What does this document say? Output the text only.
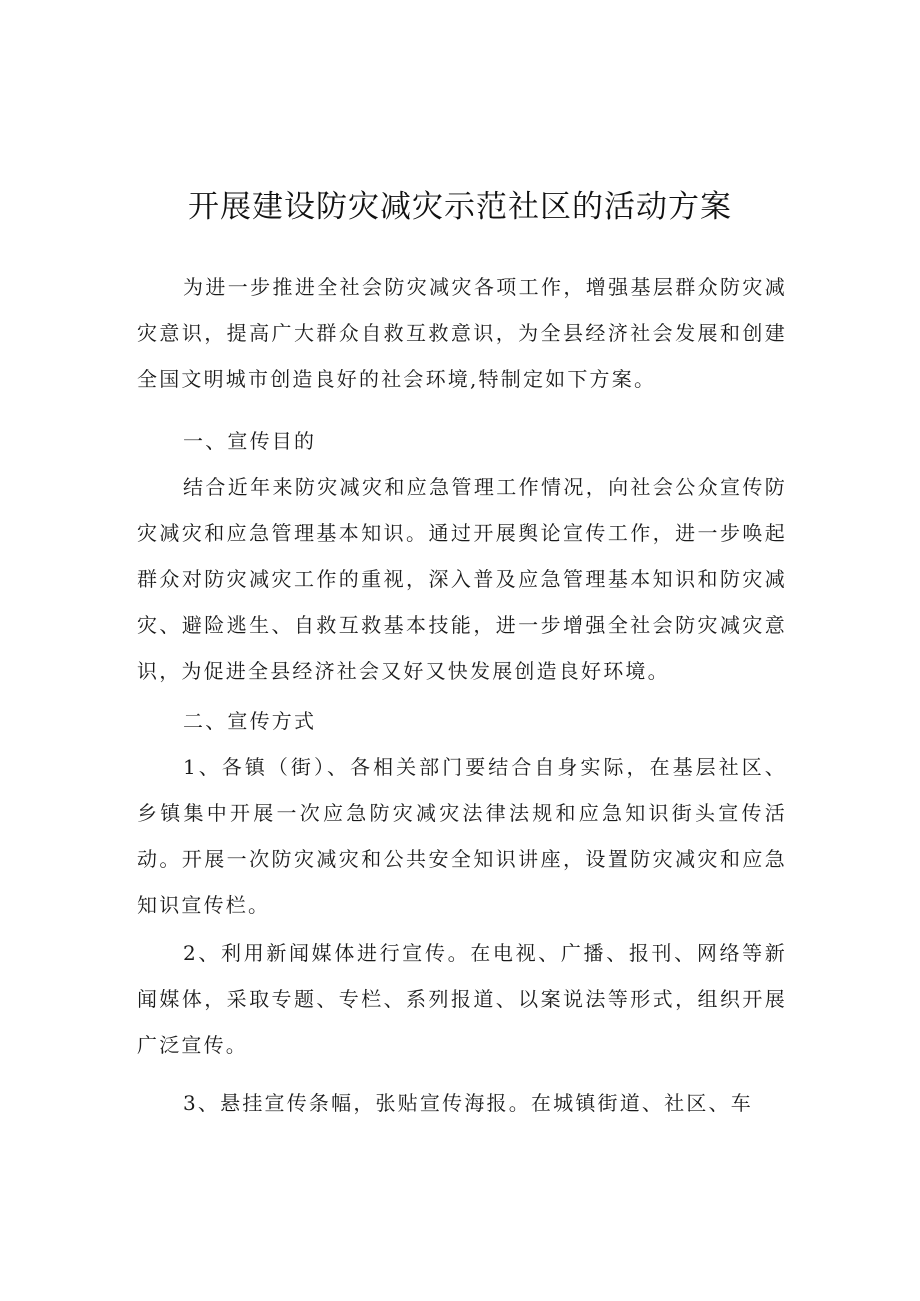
开展建设防灾减灾示范社区的活动方案

为进一步推进全社会防灾减灾各项工作，增强基层群众防灾减灾意识，提高广大群众自救互救意识，为全县经济社会发展和创建全国文明城市创造良好的社会环境,特制定如下方案。

一、宣传目的

结合近年来防灾减灾和应急管理工作情况，向社会公众宣传防灾减灾和应急管理基本知识。通过开展舆论宣传工作，进一步唤起群众对防灾减灾工作的重视，深入普及应急管理基本知识和防灾减灾、避险逃生、自救互救基本技能，进一步增强全社会防灾减灾意识，为促进全县经济社会又好又快发展创造良好环境。

二、宣传方式

1、各镇（街）、各相关部门要结合自身实际，在基层社区、乡镇集中开展一次应急防灾减灾法律法规和应急知识街头宣传活动。开展一次防灾减灾和公共安全知识讲座，设置防灾减灾和应急知识宣传栏。

2、利用新闻媒体进行宣传。在电视、广播、报刊、网络等新闻媒体，采取专题、专栏、系列报道、以案说法等形式，组织开展广泛宣传。

3、悬挂宣传条幅，张贴宣传海报。在城镇街道、社区、车
